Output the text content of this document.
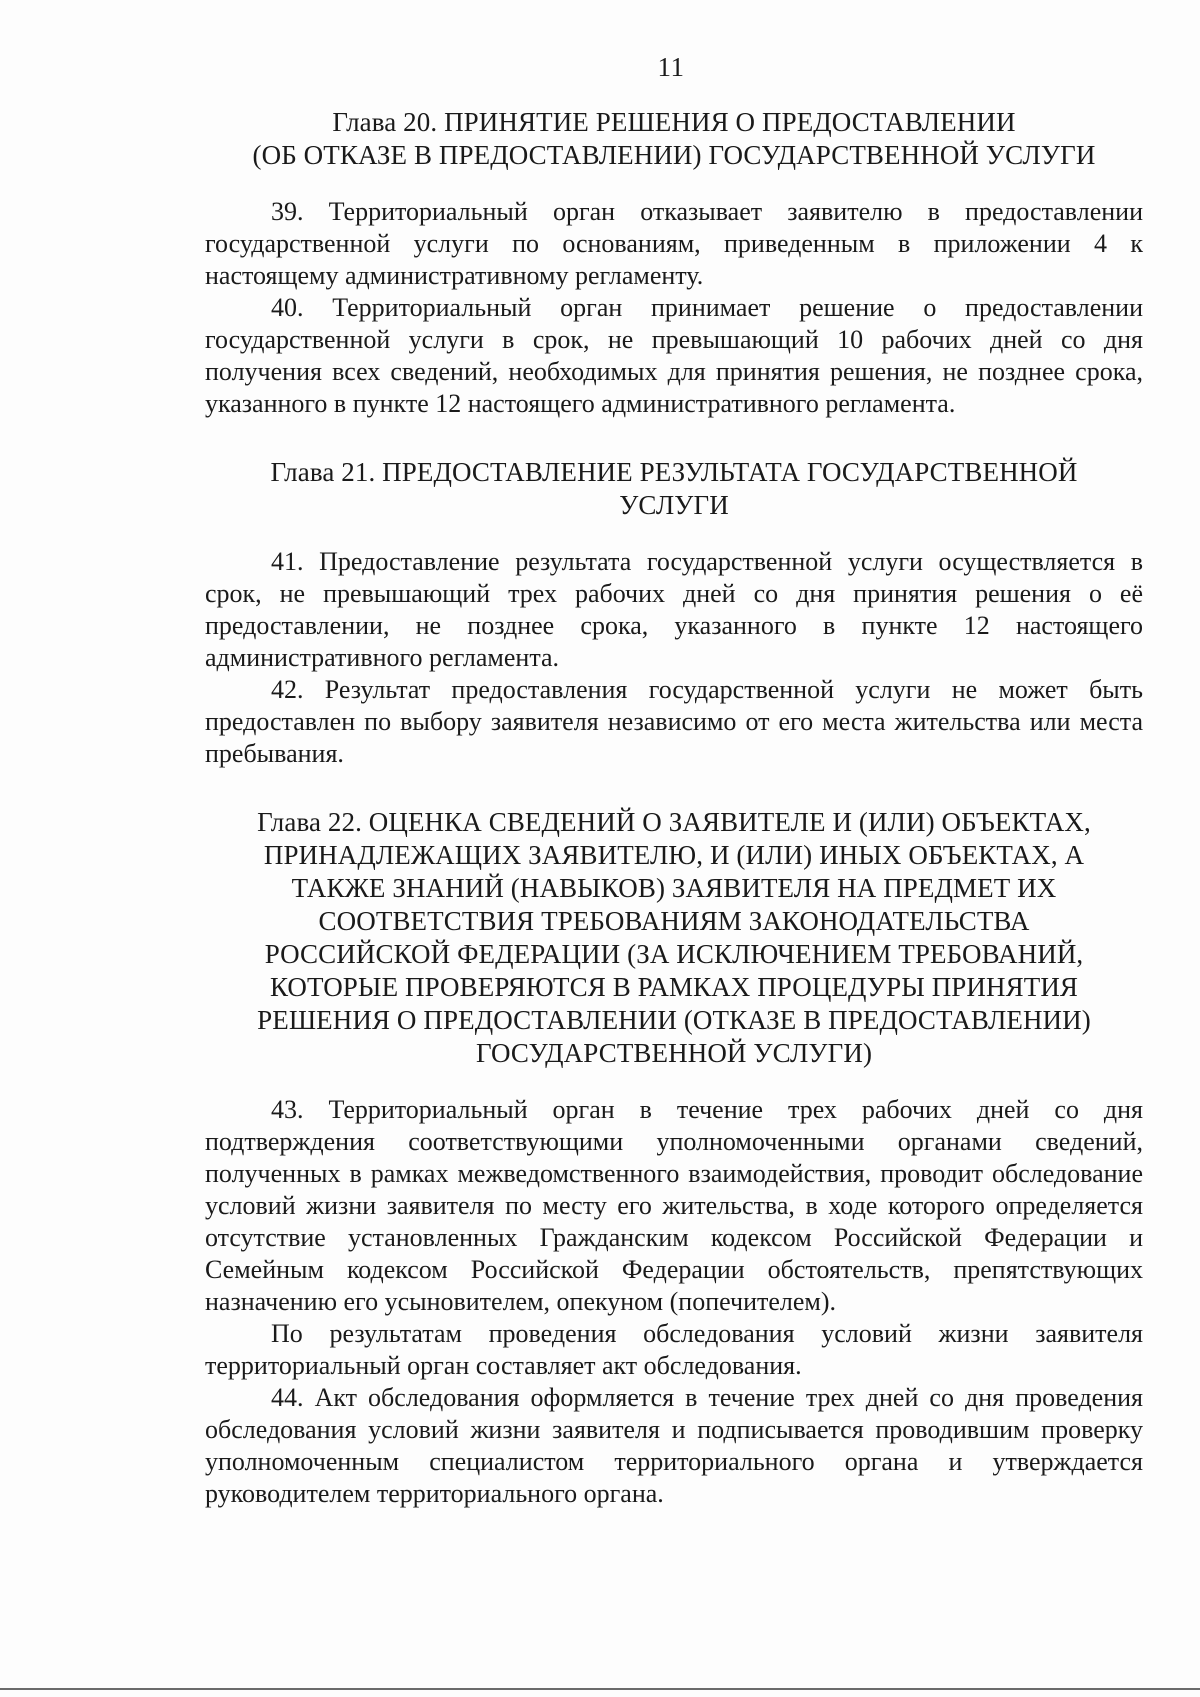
11
Глава 20. ПРИНЯТИЕ РЕШЕНИЯ О ПРЕДОСТАВЛЕНИИ
(ОБ ОТКАЗЕ В ПРЕДОСТАВЛЕНИИ) ГОСУДАРСТВЕННОЙ УСЛУГИ

39. Территориальный орган отказывает заявителю в предоставлении государственной услуги по основаниям, приведенным в приложении 4 к настоящему административному регламенту.

40. Территориальный орган принимает решение о предоставлении государственной услуги в срок, не превышающий 10 рабочих дней со дня получения всех сведений, необходимых для принятия решения, не позднее срока, указанного в пункте 12 настоящего административного регламента.

Глава 21. ПРЕДОСТАВЛЕНИЕ РЕЗУЛЬТАТА ГОСУДАРСТВЕННОЙ
УСЛУГИ

41. Предоставление результата государственной услуги осуществляется в срок, не превышающий трех рабочих дней со дня принятия решения о её предоставлении, не позднее срока, указанного в пункте 12 настоящего административного регламента.

42. Результат предоставления государственной услуги не может быть предоставлен по выбору заявителя независимо от его места жительства или места пребывания.

Глава 22. ОЦЕНКА СВЕДЕНИЙ О ЗАЯВИТЕЛЕ И (ИЛИ) ОБЪЕКТАХ,
ПРИНАДЛЕЖАЩИХ ЗАЯВИТЕЛЮ, И (ИЛИ) ИНЫХ ОБЪЕКТАХ, А
ТАКЖЕ ЗНАНИЙ (НАВЫКОВ) ЗАЯВИТЕЛЯ НА ПРЕДМЕТ ИХ
СООТВЕТСТВИЯ ТРЕБОВАНИЯМ ЗАКОНОДАТЕЛЬСТВА
РОССИЙСКОЙ ФЕДЕРАЦИИ (ЗА ИСКЛЮЧЕНИЕМ ТРЕБОВАНИЙ,
КОТОРЫЕ ПРОВЕРЯЮТСЯ В РАМКАХ ПРОЦЕДУРЫ ПРИНЯТИЯ
РЕШЕНИЯ О ПРЕДОСТАВЛЕНИИ (ОТКАЗЕ В ПРЕДОСТАВЛЕНИИ)
ГОСУДАРСТВЕННОЙ УСЛУГИ)

43. Территориальный орган в течение трех рабочих дней со дня подтверждения соответствующими уполномоченными органами сведений, полученных в рамках межведомственного взаимодействия, проводит обследование условий жизни заявителя по месту его жительства, в ходе которого определяется отсутствие установленных Гражданским кодексом Российской Федерации и Семейным кодексом Российской Федерации обстоятельств, препятствующих назначению его усыновителем, опекуном (попечителем).

По результатам проведения обследования условий жизни заявителя территориальный орган составляет акт обследования.

44. Акт обследования оформляется в течение трех дней со дня проведения обследования условий жизни заявителя и подписывается проводившим проверку уполномоченным специалистом территориального органа и утверждается руководителем территориального органа.
